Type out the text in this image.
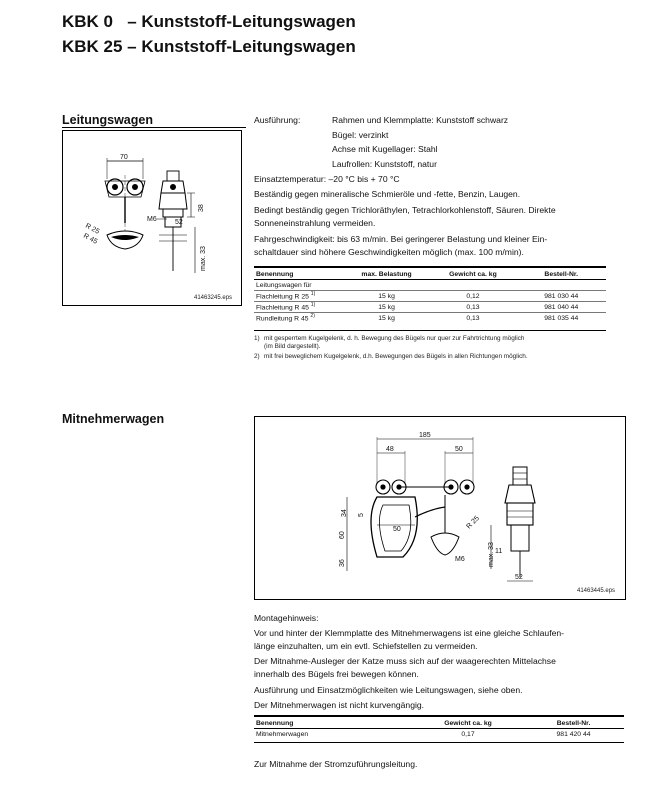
KBK 0 – Kunststoff-Leitungswagen
KBK 25 – Kunststoff-Leitungswagen
Leitungswagen
70
R 25
R 45
M6	52
38
max. 33
41463245.eps
Ausführung:	Rahmen und Klemmplatte: Kunststoff schwarz
Bügel: verzinkt
Achse mit Kugellager: Stahl
Laufrollen: Kunststoff, natur
Einsatztemperatur: –20 °C bis + 70 °C
Beständig gegen mineralische Schmieröle und -fette, Benzin, Laugen.
Bedingt beständig gegen Trichloräthylen, Tetrachlorkohlenstoff, Säuren. Direkte
Sonneneinstrahlung vermeiden.
Fahrgeschwindigkeit: bis 63 m/min. Bei geringerer Belastung und kleiner Ein-
schaltdauer sind höhere Geschwindigkeiten möglich (max. 100 m/min).
Benennung	max. Belastung	Gewicht ca. kg	Bestell-Nr.
Leitungswagen für			
Flachleitung R 25 $^{1)}$	15 kg	0,12	981 030 44
Flachleitung R 45 $^{1)}$	15 kg	0,13	981 040 44
Rundleitung R 45 $^{2)}$	15 kg	0,13	981 035 44
1) mit gesperrtem Kugelgelenk, d. h. Bewegung des Bügels nur quer zur Fahrtrichtung möglich
(im Bild dargestellt).
2) mit frei beweglichem Kugelgelenk, d.h. Bewegungen des Bügels in allen Richtungen möglich.
Mitnehmerwagen
185
48	50
50	R 25
M6
34 5
60
36
52
max. 33 11
41463445.eps
Montagehinweis:
Vor und hinter der Klemmplatte des Mitnehmerwagens ist eine gleiche Schlaufen-
länge einzuhalten, um ein evtl. Schiefstellen zu vermeiden.
Der Mitnahme-Ausleger der Katze muss sich auf der waagerechten Mittelachse
innerhalb des Bügels frei bewegen können.
Ausführung und Einsatzmöglichkeiten wie Leitungswagen, siehe oben.
Der Mitnehmerwagen ist nicht kurvengängig.
Benennung	Gewicht ca. kg	Bestell-Nr.
Mitnehmerwagen	0,17	981 420 44
Zur Mitnahme der Stromzuführungsleitung.
